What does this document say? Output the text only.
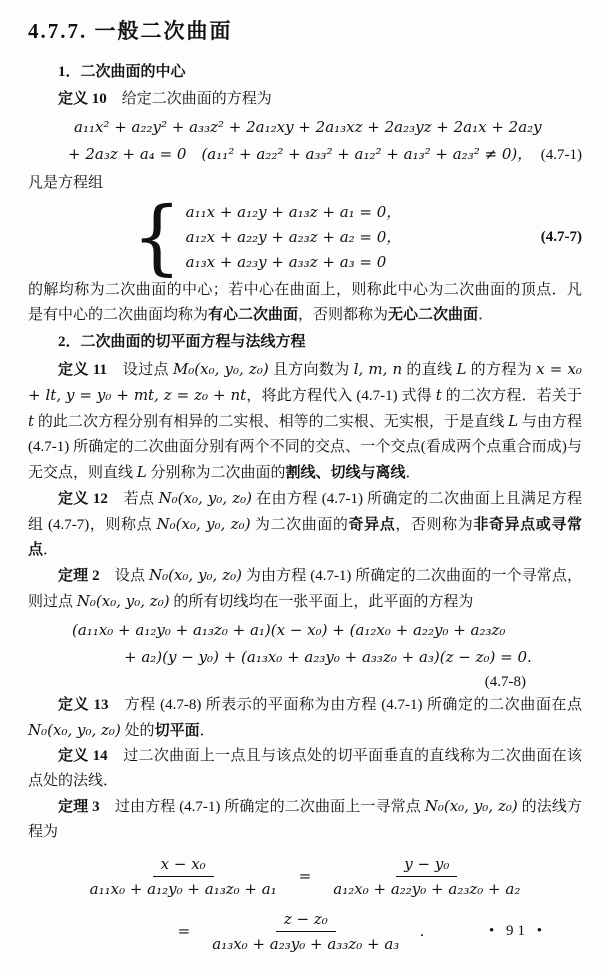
4.7.7. 一般二次曲面
1．二次曲面的中心

定义 10　给定二次曲面的方程为

a₁₁x² + a₂₂y² + a₃₃z² + 2a₁₂xy + 2a₁₃xz + 2a₂₃yz + 2a₁x + 2a₂y
+ 2a₃z + a₄ = 0　(a₁₁² + a₂₂² + a₃₃² + a₁₂² + a₁₃² + a₂₃² ≠ 0)， (4.7-1)

凡是方程组

{ a₁₁x + a₁₂y + a₁₃z + a₁ = 0，
a₁₂x + a₂₂y + a₂₃z + a₂ = 0，
a₁₃x + a₂₃y + a₃₃z + a₃ = 0
(4.7-7)

的解均称为二次曲面的中心；若中心在曲面上，则称此中心为二次曲面的顶点．凡是有中心的二次曲面均称为有心二次曲面，否则都称为无心二次曲面．

2．二次曲面的切平面方程与法线方程

定义 11　设过点 M₀(x₀, y₀, z₀) 且方向数为 l, m, n 的直线 L 的方程为 x = x₀ + lt, y = y₀ + mt, z = z₀ + nt，将此方程代入 (4.7-1) 式得 t 的二次方程．若关于 t 的此二次方程分别有相异的二实根、相等的二实根、无实根，于是直线 L 与由方程 (4.7-1) 所确定的二次曲面分别有两个不同的交点、一个交点(看成两个点重合而成)与无交点，则直线 L 分别称为二次曲面的割线、切线与离线．

定义 12　若点 N₀(x₀, y₀, z₀) 在由方程 (4.7-1) 所确定的二次曲面上且满足方程组 (4.7-7)，则称点 N₀(x₀, y₀, z₀) 为二次曲面的奇异点，否则称为非奇异点或寻常点．

定理 2　设点 N₀(x₀, y₀, z₀) 为由方程 (4.7-1) 所确定的二次曲面的一个寻常点，则过点 N₀(x₀, y₀, z₀) 的所有切线均在一张平面上，此平面的方程为

(a₁₁x₀ + a₁₂y₀ + a₁₃z₀ + a₁)(x − x₀) + (a₁₂x₀ + a₂₂y₀ + a₂₃z₀
+ a₂)(y − y₀) + (a₁₃x₀ + a₂₃y₀ + a₃₃z₀ + a₃)(z − z₀) = 0.
(4.7-8)

定义 13　方程 (4.7-8) 所表示的平面称为由方程 (4.7-1) 所确定的二次曲面在点 N₀(x₀, y₀, z₀) 处的切平面．

定义 14　过二次曲面上一点且与该点处的切平面垂直的直线称为二次曲面在该点处的法线．

定理 3　过由方程 (4.7-1) 所确定的二次曲面上一寻常点 N₀(x₀, y₀, z₀) 的法线方程为

$\frac{\text{x − x₀}}{\text{a₁₁x₀ + a₁₂y₀ + a₁₃z₀ + a₁}} = \frac{\text{y − y₀}}{\text{a₁₂x₀ + a₂₂y₀ + a₂₃z₀ + a₂}}$
= $\frac{\text{z − z₀}}{\text{a₁₃x₀ + a₂₃y₀ + a₃₃z₀ + a₃}}$ ．	• 91 •
